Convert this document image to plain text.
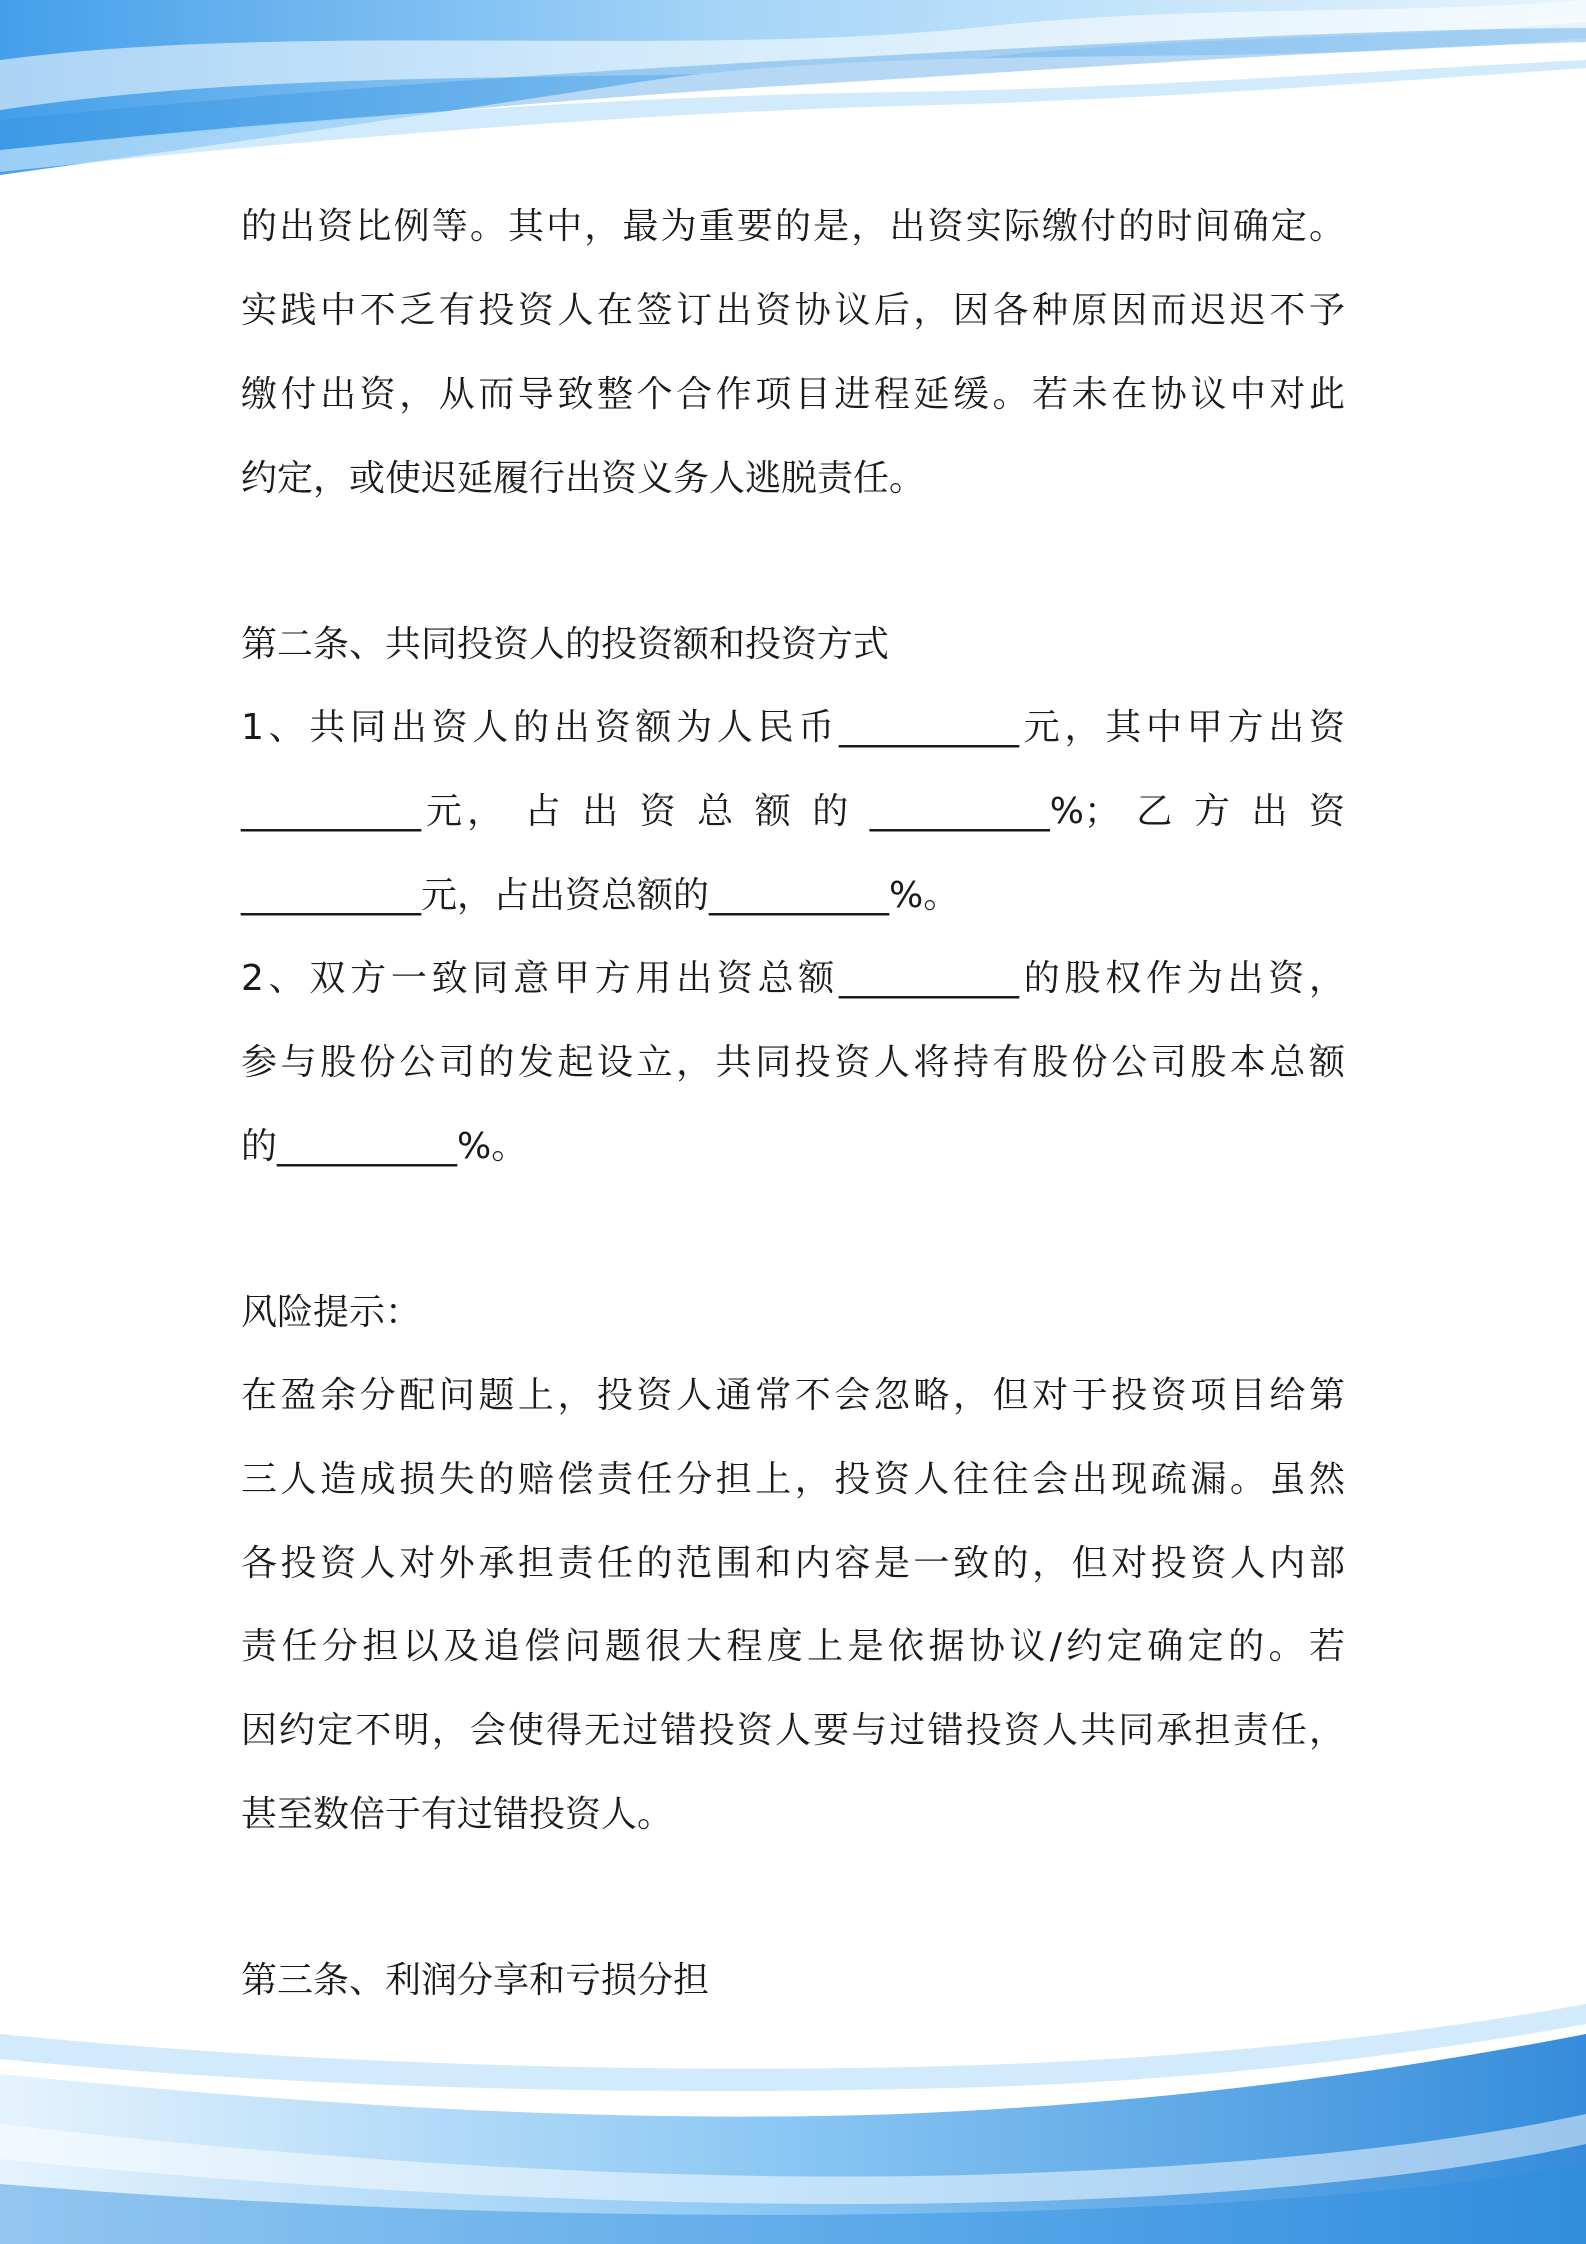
的出资比例等。其中，最为重要的是，出资实际缴付的时间确定。
实践中不乏有投资人在签订出资协议后，因各种原因而迟迟不予
缴付出资，从而导致整个合作项目进程延缓。若未在协议中对此
约定，或使迟延履行出资义务人逃脱责任。
第二条、共同投资人的投资额和投资方式
1、共同出资人的出资额为人民币__________元，其中甲方出资
__________元， 占 出 资 总 额 的 __________%； 乙 方 出 资
__________元，占出资总额的__________%。
2、双方一致同意甲方用出资总额__________的股权作为出资，
参与股份公司的发起设立，共同投资人将持有股份公司股本总额
的__________%。
风险提示：
在盈余分配问题上，投资人通常不会忽略，但对于投资项目给第
三人造成损失的赔偿责任分担上，投资人往往会出现疏漏。虽然
各投资人对外承担责任的范围和内容是一致的，但对投资人内部
责任分担以及追偿问题很大程度上是依据协议/约定确定的。若
因约定不明，会使得无过错投资人要与过错投资人共同承担责任，
甚至数倍于有过错投资人。
第三条、利润分享和亏损分担
